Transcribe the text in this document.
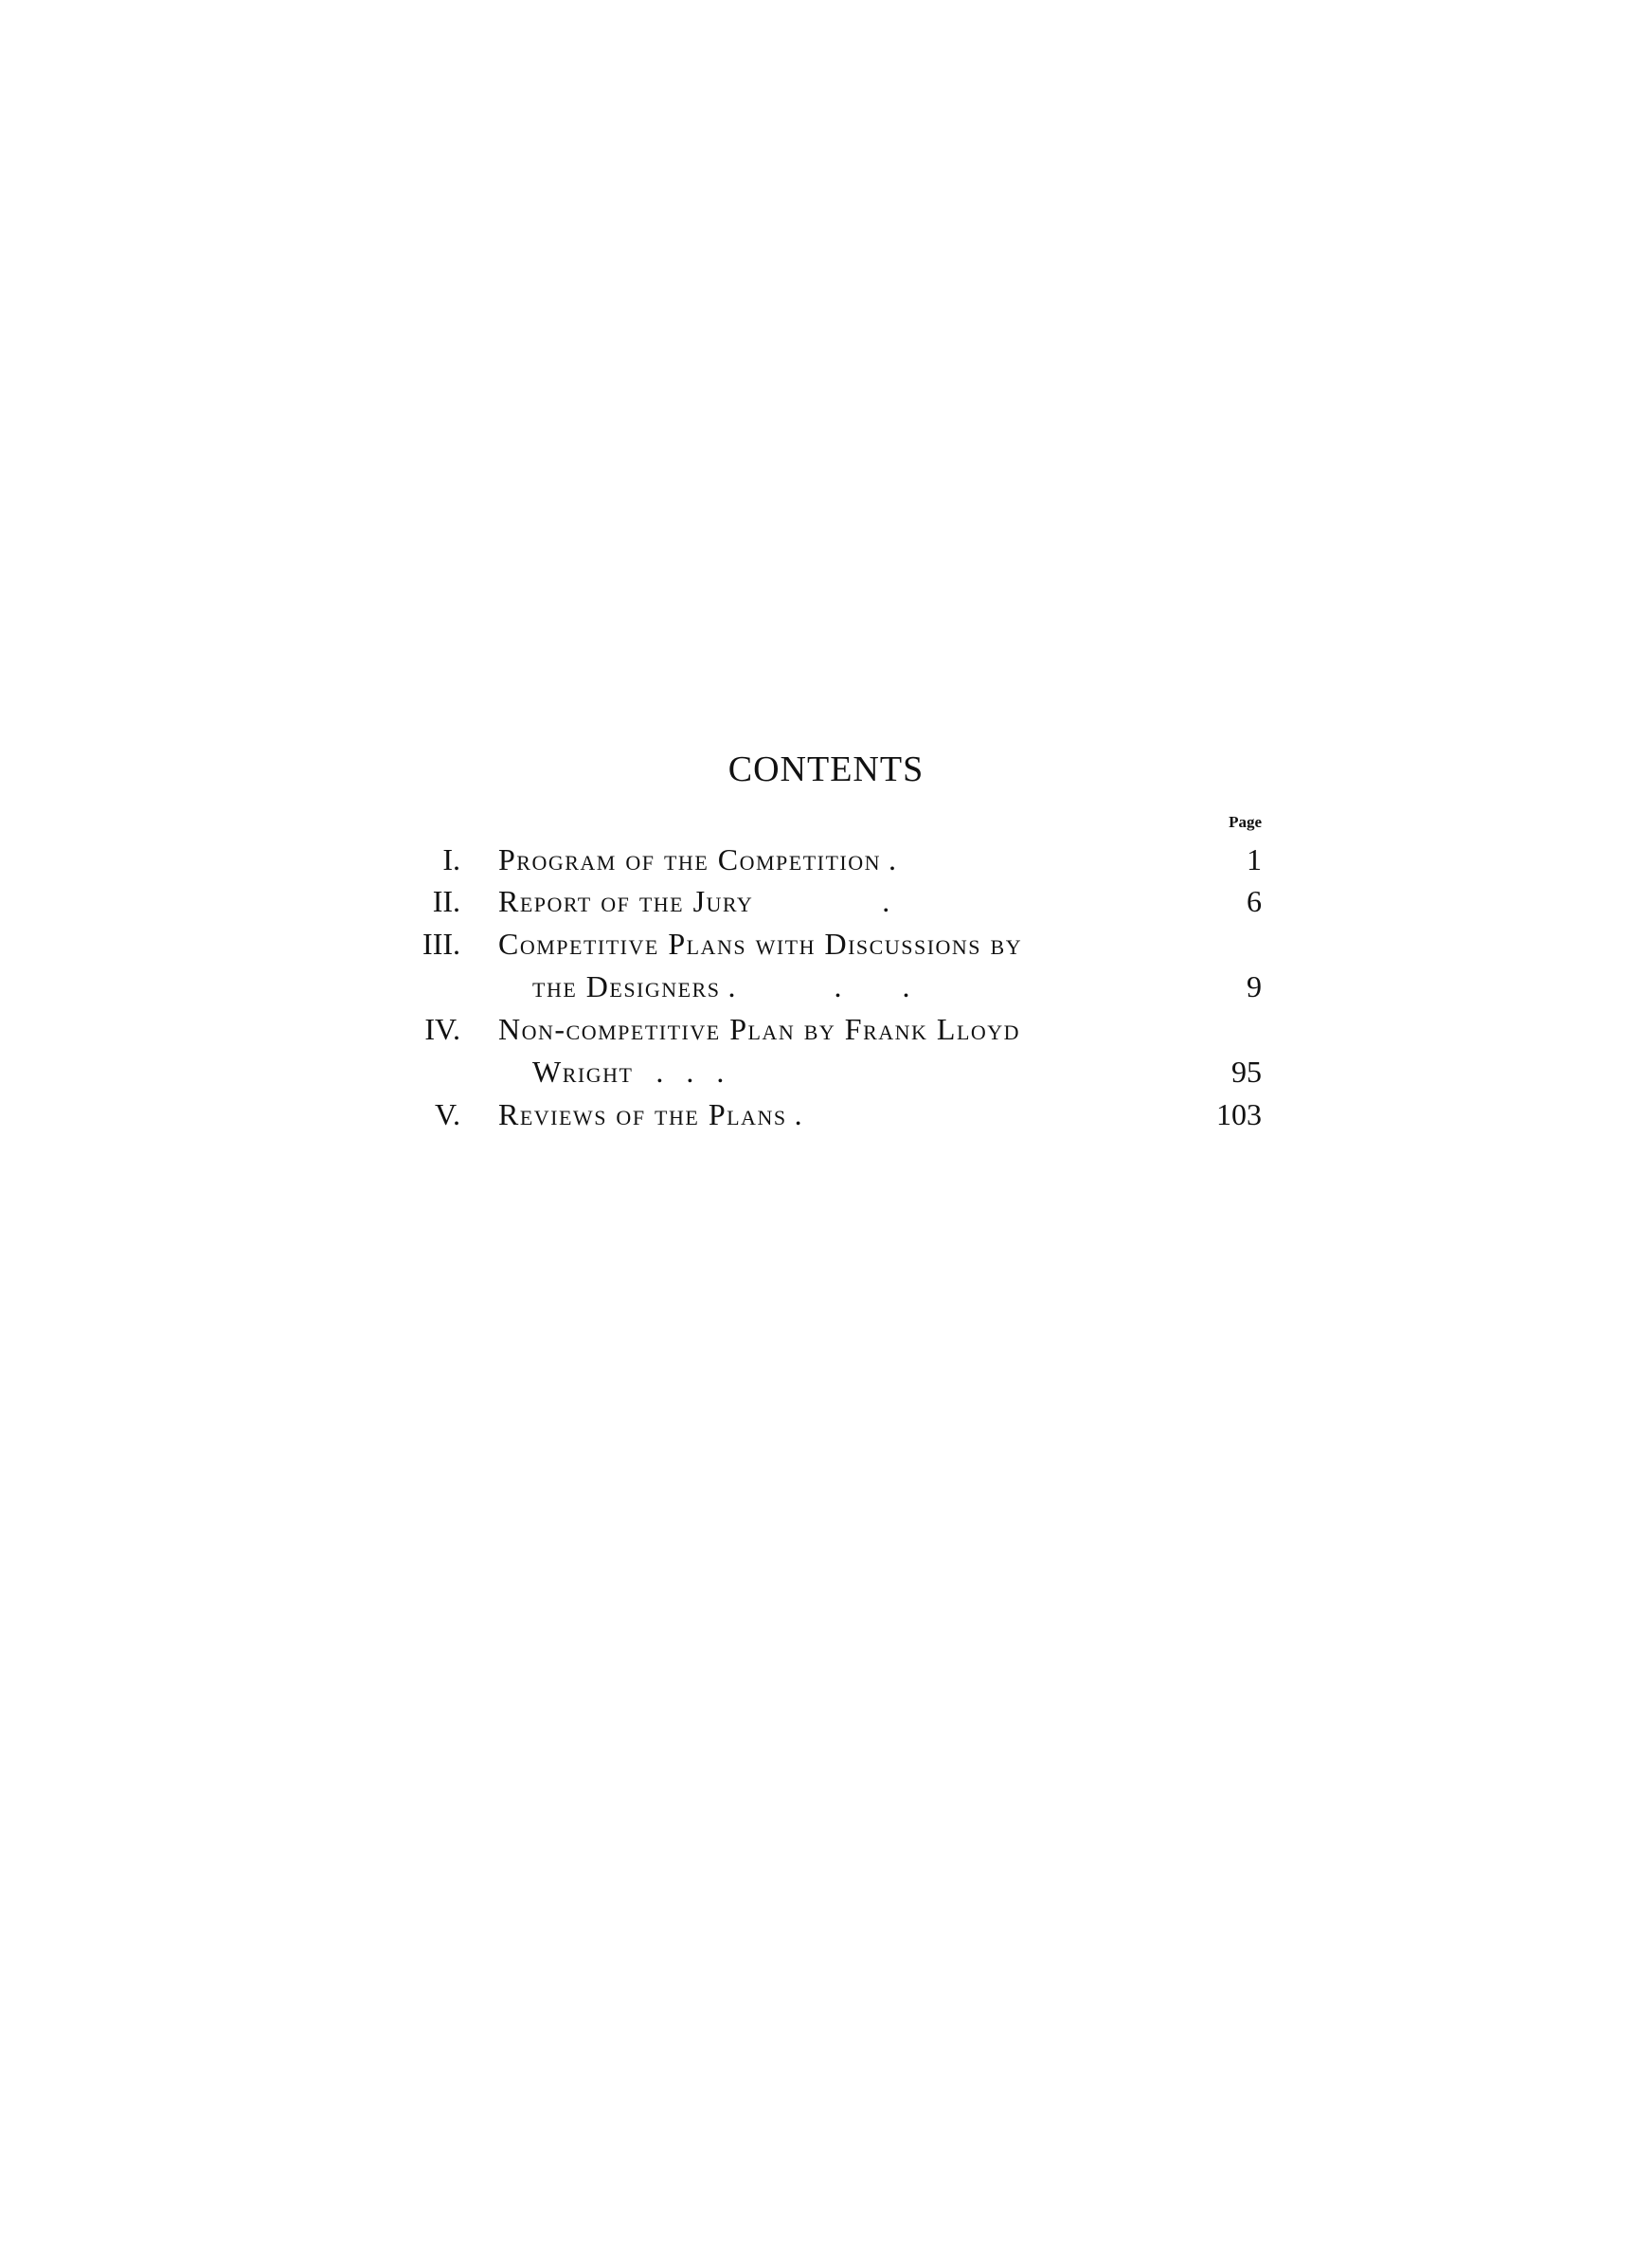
CONTENTS
Page
I. Program of the Competition .	1
II. Report of the Jury .	6
III. Competitive Plans with Discussions by
the Designers .             .        .	9
IV. Non-competitive Plan by Frank Lloyd
Wright .   .   .	95
V. Reviews of the Plans .	103
